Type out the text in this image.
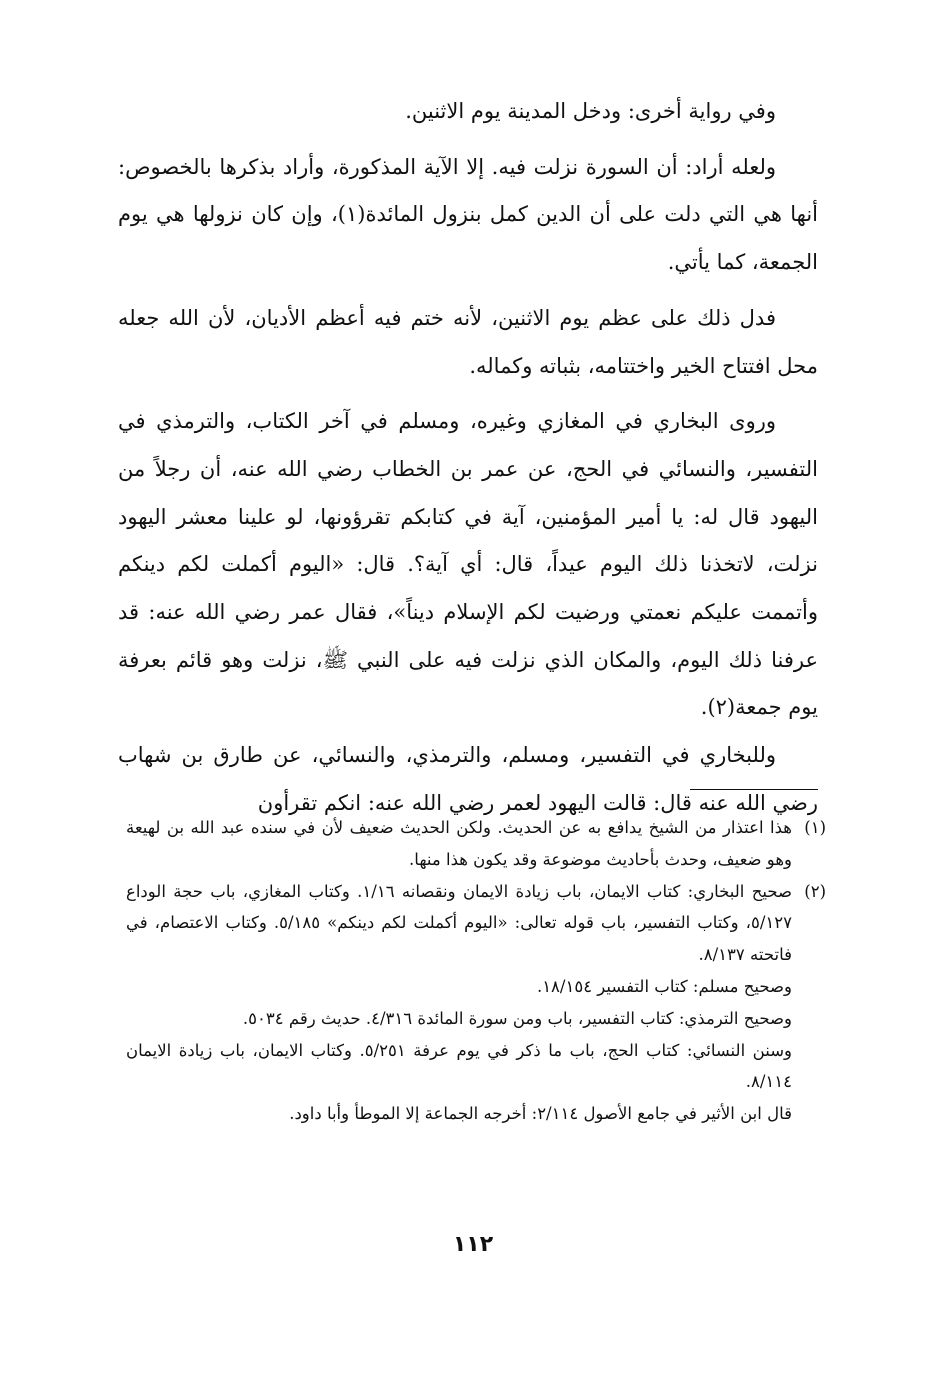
وفي رواية أخرى: ودخل المدينة يوم الاثنين.

ولعله أراد: أن السورة نزلت فيه. إلا الآية المذكورة، وأراد بذكرها بالخصوص: أنها هي التي دلت على أن الدين كمل بنزول المائدة(١)، وإن كان نزولها هي يوم الجمعة، كما يأتي.

فدل ذلك على عظم يوم الاثنين، لأنه ختم فيه أعظم الأديان، لأن الله جعله محل افتتاح الخير واختتامه، بثباته وكماله.

وروى البخاري في المغازي وغيره، ومسلم في آخر الكتاب، والترمذي في التفسير، والنسائي في الحج، عن عمر بن الخطاب رضي الله عنه، أن رجلاً من اليهود قال له: يا أمير المؤمنين، آية في كتابكم تقرؤونها، لو علينا معشر اليهود نزلت، لاتخذنا ذلك اليوم عيداً، قال: أي آية؟. قال: «اليوم أكملت لكم دينكم وأتممت عليكم نعمتي ورضيت لكم الإسلام ديناً»، فقال عمر رضي الله عنه: قد عرفنا ذلك اليوم، والمكان الذي نزلت فيه على النبي ﷺ، نزلت وهو قائم بعرفة يوم جمعة(٢).

وللبخاري في التفسير، ومسلم، والترمذي، والنسائي، عن طارق بن شهاب رضي الله عنه قال: قالت اليهود لعمر رضي الله عنه: انكم تقرأون

(١)

هذا اعتذار من الشيخ يدافع به عن الحديث. ولكن الحديث ضعيف لأن في سنده عبد الله بن لهيعة وهو ضعيف، وحدث بأحاديث موضوعة وقد يكون هذا منها.

(٢)

صحيح البخاري: كتاب الايمان، باب زيادة الايمان ونقصانه ١/١٦. وكتاب المغازي، باب حجة الوداع ٥/١٢٧، وكتاب التفسير، باب قوله تعالى: «اليوم أكملت لكم دينكم» ٥/١٨٥. وكتاب الاعتصام، في فاتحته ٨/١٣٧.

وصحيح مسلم: كتاب التفسير ١٨/١٥٤.

وصحيح الترمذي: كتاب التفسير، باب ومن سورة المائدة ٤/٣١٦. حديث رقم ٥٠٣٤.

وسنن النسائي: كتاب الحج، باب ما ذكر في يوم عرفة ٥/٢٥١. وكتاب الايمان، باب زيادة الايمان ٨/١١٤.

قال ابن الأثير في جامع الأصول ٢/١١٤: أخرجه الجماعة إلا الموطأ وأبا داود.

١١٢
